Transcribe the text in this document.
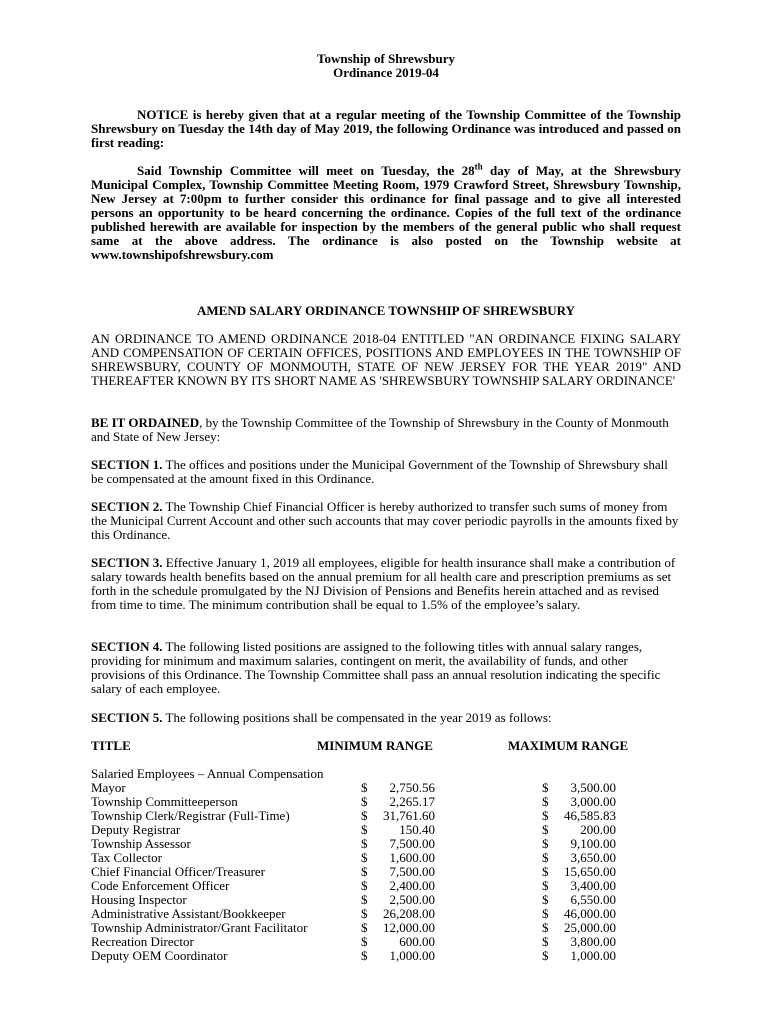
Township of Shrewsbury
Ordinance 2019-04

NOTICE is hereby given that at a regular meeting of the Township Committee of the Township Shrewsbury on Tuesday the 14th day of May 2019, the following Ordinance was introduced and passed on first reading:

Said Township Committee will meet on Tuesday, the 28th day of May, at the Shrewsbury Municipal Complex, Township Committee Meeting Room, 1979 Crawford Street, Shrewsbury Township, New Jersey at 7:00pm to further consider this ordinance for final passage and to give all interested persons an opportunity to be heard concerning the ordinance. Copies of the full text of the ordinance published herewith are available for inspection by the members of the general public who shall request same at the above address. The ordinance is also posted on the Township website at www.townshipofshrewsbury.com

AMEND SALARY ORDINANCE TOWNSHIP OF SHREWSBURY

AN ORDINANCE TO AMEND ORDINANCE 2018-04 ENTITLED "AN ORDINANCE FIXING SALARY AND COMPENSATION OF CERTAIN OFFICES, POSITIONS AND EMPLOYEES IN THE TOWNSHIP OF SHREWSBURY, COUNTY OF MONMOUTH, STATE OF NEW JERSEY FOR THE YEAR 2019" AND THEREAFTER KNOWN BY ITS SHORT NAME AS 'SHREWSBURY TOWNSHIP SALARY ORDINANCE'

BE IT ORDAINED, by the Township Committee of the Township of Shrewsbury in the County of Monmouth and State of New Jersey:

SECTION 1. The offices and positions under the Municipal Government of the Township of Shrewsbury shall be compensated at the amount fixed in this Ordinance.

SECTION 2. The Township Chief Financial Officer is hereby authorized to transfer such sums of money from the Municipal Current Account and other such accounts that may cover periodic payrolls in the amounts fixed by this Ordinance.

SECTION 3. Effective January 1, 2019 all employees, eligible for health insurance shall make a contribution of salary towards health benefits based on the annual premium for all health care and prescription premiums as set forth in the schedule promulgated by the NJ Division of Pensions and Benefits herein attached and as revised from time to time. The minimum contribution shall be equal to 1.5% of the employee’s salary.

SECTION 4. The following listed positions are assigned to the following titles with annual salary ranges, providing for minimum and maximum salaries, contingent on merit, the availability of funds, and other provisions of this Ordinance. The Township Committee shall pass an annual resolution indicating the specific salary of each employee.

SECTION 5. The following positions shall be compensated in the year 2019 as follows:

TITLE	MINIMUM RANGE	MAXIMUM RANGE
Salaried Employees – Annual Compensation
Mayor	$	2,750.56	$	3,500.00
Township Committeeperson	$	2,265.17	$	3,000.00
Township Clerk/Registrar (Full-Time)	$	31,761.60	$	46,585.83
Deputy Registrar	$	150.40	$	200.00
Township Assessor	$	7,500.00	$	9,100.00
Tax Collector	$	1,600.00	$	3,650.00
Chief Financial Officer/Treasurer	$	7,500.00	$	15,650.00
Code Enforcement Officer	$	2,400.00	$	3,400.00
Housing Inspector	$	2,500.00	$	6,550.00
Administrative Assistant/Bookkeeper	$	26,208.00	$	46,000.00
Township Administrator/Grant Facilitator	$	12,000.00	$	25,000.00
Recreation Director	$	600.00	$	3,800.00
Deputy OEM Coordinator	$	1,000.00	$	1,000.00
